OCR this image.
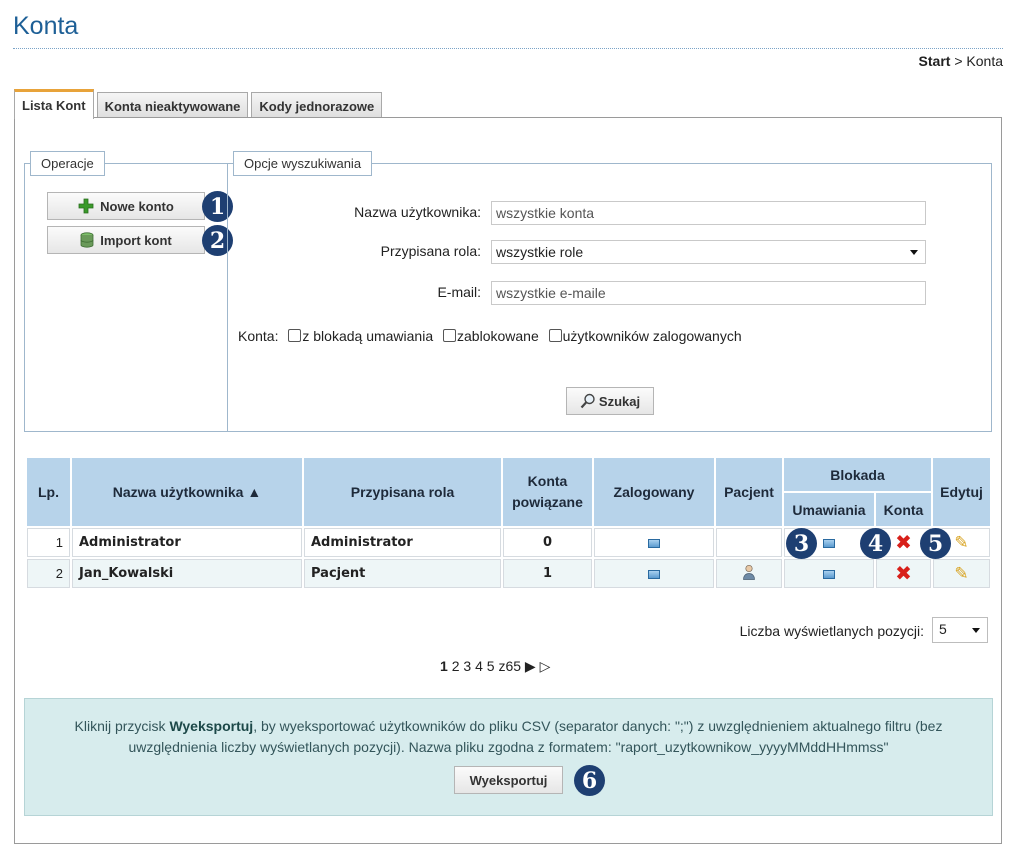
Konta
Start > Konta
Lista Kont	Konta nieaktywowane	Kody jednorazowe
Operacje
Nowe konto
Import kont
1
2
Opcje wyszukiwania
Nazwa użytkownika:	wszystkie konta
Przypisana rola:	wszystkie role
E-mail:	wszystkie e-maile
Konta: z blokadą umawiania zablokowane użytkowników zalogowanych
Szukaj
Lp.	Nazwa użytkownika ▲	Przypisana rola	Konta
powiązane	Zalogowany	Pacjent	Blokada		Edytuj
						Umawiania	Konta	
1	Administrator	Administrator	0				✖	✎
2	Jan_Kowalski	Pacjent	1				✖	✎
3	4	5
Liczba wyświetlanych pozycji:	5
1 2 3 4 5 z65 ▶ ▷
Kliknij przycisk Wyeksportuj, by wyeksportować użytkowników do pliku CSV (separator danych: ";") z uwzględnieniem aktualnego filtru (bez
uwzględnienia liczby wyświetlanych pozycji). Nazwa pliku zgodna z formatem: "raport_uzytkownikow_yyyyMMddHHmmss"
Wyeksportuj	6
